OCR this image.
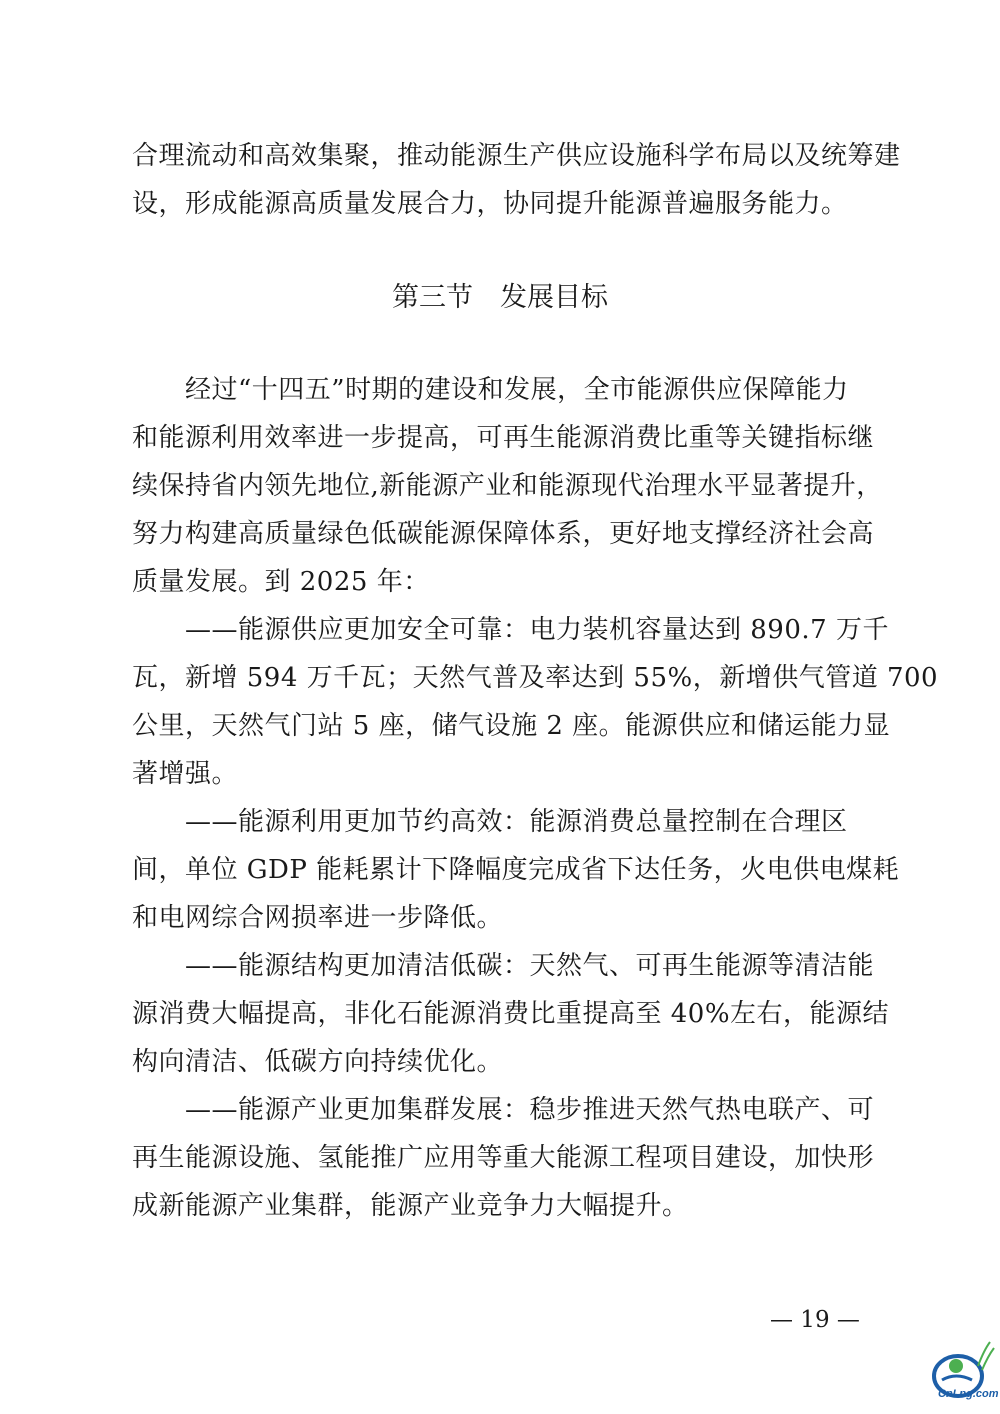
合理流动和高效集聚，推动能源生产供应设施科学布局以及统筹建
设，形成能源高质量发展合力，协同提升能源普遍服务能力。
第三节　发展目标
　　经过“十四五”时期的建设和发展，全市能源供应保障能力
和能源利用效率进一步提高，可再生能源消费比重等关键指标继
续保持省内领先地位,新能源产业和能源现代治理水平显著提升，
努力构建高质量绿色低碳能源保障体系，更好地支撑经济社会高
质量发展。到 2025 年：
　　——能源供应更加安全可靠：电力装机容量达到 890.7 万千
瓦，新增 594 万千瓦；天然气普及率达到 55%，新增供气管道 700
公里，天然气门站 5 座，储气设施 2 座。能源供应和储运能力显
著增强。
　　——能源利用更加节约高效：能源消费总量控制在合理区
间，单位 GDP 能耗累计下降幅度完成省下达任务，火电供电煤耗
和电网综合网损率进一步降低。
　　——能源结构更加清洁低碳：天然气、可再生能源等清洁能
源消费大幅提高，非化石能源消费比重提高至 40%左右，能源结
构向清洁、低碳方向持续优化。
　　——能源产业更加集群发展：稳步推进天然气热电联产、可
再生能源设施、氢能推广应用等重大能源工程项目建设，加快形
成新能源产业集群，能源产业竞争力大幅提升。
— 19 —
CnLng.com
